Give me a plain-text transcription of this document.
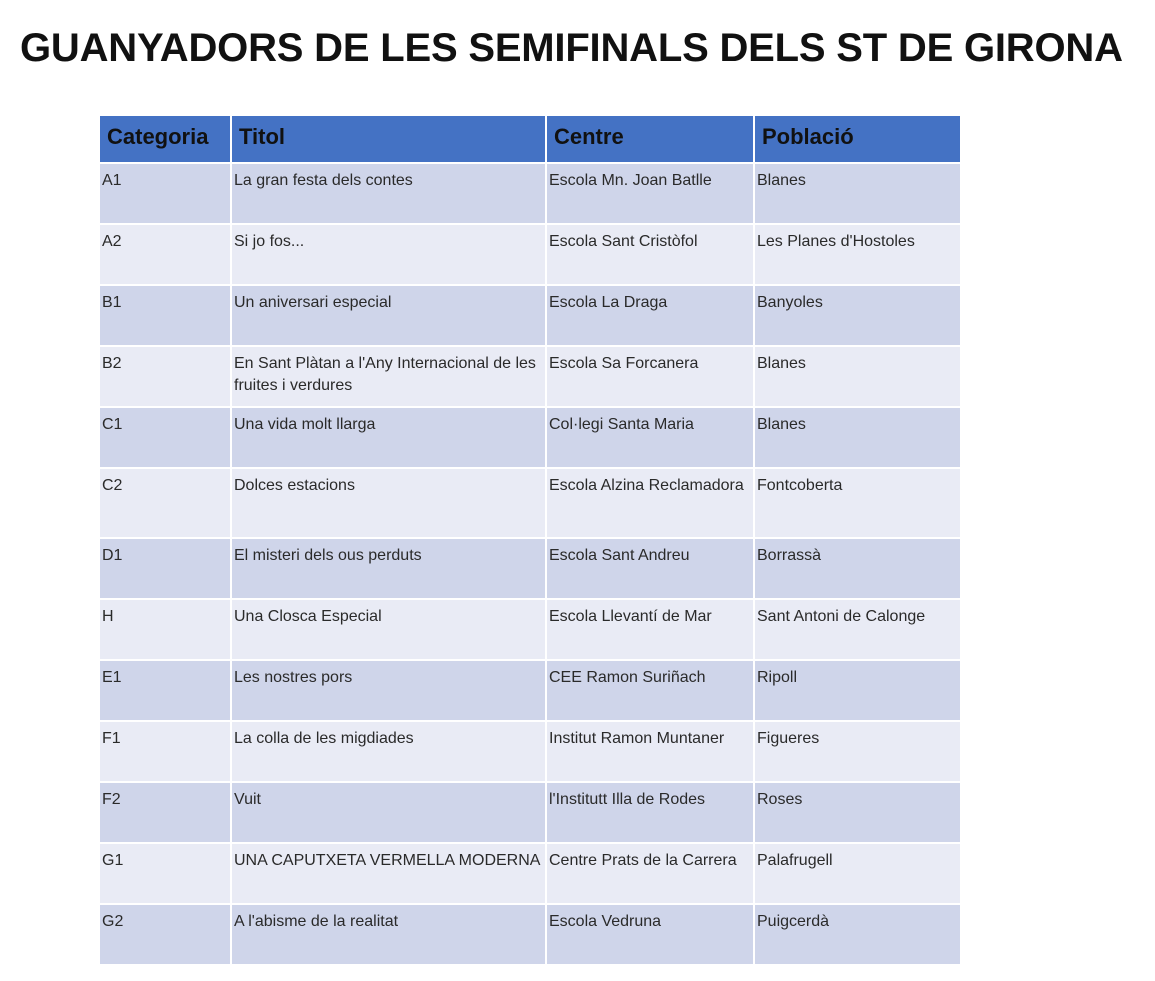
GUANYADORS DE LES SEMIFINALS DELS ST DE GIRONA
Categoria	Titol	Centre	Població
A1	La gran festa dels contes	Escola Mn. Joan Batlle	Blanes
A2	Si jo fos...	Escola Sant Cristòfol	Les Planes d'Hostoles
B1	Un aniversari especial	Escola La Draga	Banyoles
B2	En Sant Plàtan a l'Any Internacional de les fruites i verdures	Escola Sa Forcanera	Blanes
C1	Una vida molt llarga	Col·legi Santa Maria	Blanes
C2	Dolces estacions	Escola Alzina Reclamadora	Fontcoberta
D1	El misteri dels ous perduts	Escola Sant Andreu	Borrassà
H	Una Closca Especial	Escola Llevantí de Mar	Sant Antoni de Calonge
E1	Les nostres pors	CEE Ramon Suriñach	Ripoll
F1	La colla de les migdiades	Institut Ramon Muntaner	Figueres
F2	Vuit	l'Institutt Illa de Rodes	Roses
G1	UNA CAPUTXETA VERMELLA MODERNA	Centre Prats de la Carrera	Palafrugell
G2	A l'abisme de la realitat	Escola Vedruna	Puigcerdà
